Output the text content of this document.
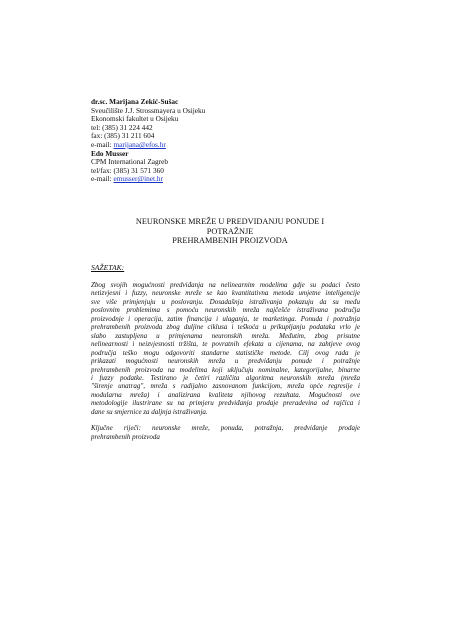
dr.sc. Marijana Zekić-Sušac
Sveučilište J.J. Strossmayera u Osijeku
Ekonomski fakultet u Osijeku
tel: (385) 31 224 442
fax: (385) 31 211 604
e-mail: marijana@efos.hr
Edo Musser
CPM International Zagreb
tel/fax: (385) 31 571 360
e-mail: emusser@inet.hr
NEURONSKE MREŽE U PREDVIDANJU PONUDE I
POTRAŽNJE
PREHRAMBENIH PROIZVODA
SAŽETAK:
Zbog svojih mogućnosti predviđanja na nelinearnim modelima gdje su podaci često
netizvjesni i fuzzy, neuronske mreže se kao kvantitativna metoda umjetne inteligencije
sve više primjenjuju u poslovanju. Dosadašnja istraživanja pokazuju da su među
poslovnim problemima s pomoću neuronskih mreža najčešće istraživana područja
proizvodnje i operacija, zatim financija i ulaganja, te marketinga. Ponuda i potražnja
prehrambenih proizvoda zbog duljine ciklusa i teškoća u prikupljanju podataka vrlo je
slabo zastupljena u primjenama neuronskih mreža. Međutim, zbog prisutne
nelinearnosti i neizvjesnosti tržišta, te povratnih efekata u cijenama, na zahtjeve ovog
područja teško mogu odgovoriti standarne statističke metode. Cilj ovog rada je
prikazati mogućnosti neuronskih mreža u predviđanju ponude i potražnje
prehrambenih proizvoda na modelima koji uključuju nominalne, kategorijalne, binarne
i fuzzy podatke. Testirano je četiri različita algoritma neuronskih mreža (mreža
"širenje unatrag", mreža s radijalno zasnovanom funkcijom, mreža opće regresije i
modularna mreža) i analizirana kvaliteta njihovog rezultata. Mogućnosti ove
metodologije ilustrirane su na primjeru predviđanja prodaje preradevina od rajčica i
dane su smjernice za daljnja istraživanja.
Ključne riječi: neuronske mreže, ponuda, potražnja, predviđanje prodaje
prehrambenih proizvoda
